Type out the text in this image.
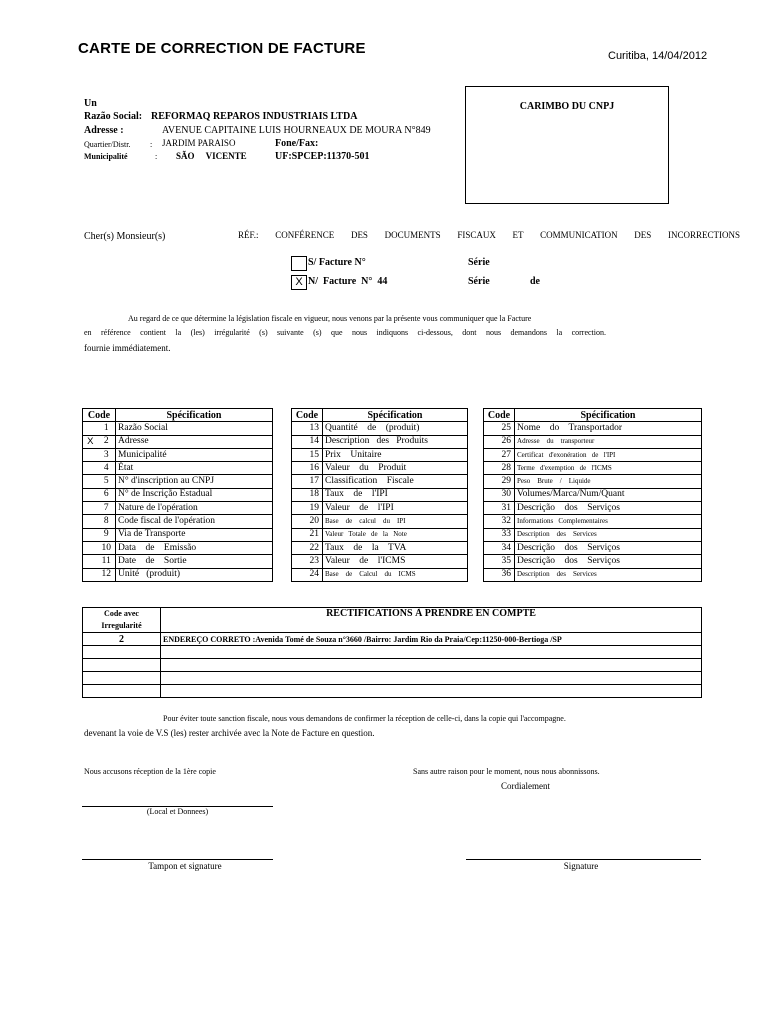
CARTE DE CORRECTION DE FACTURE	Curitiba, 14/04/2012
Un
Razão Social: REFORMAQ REPAROS INDUSTRIAIS LTDA
Adresse :	AVENUE CAPITAINE LUIS HOURNEAUX DE MOURA N°849
Quartier/Distr. : JARDIM PARAISO	Fone/Fax:
Municipalité	: SÃO     VICENTE	UF:SPCEP:11370-501
CARIMBO DU CNPJ
Cher(s) Monsieur(s)	RÉF.:  CONFÉRENCE  DES  DOCUMENTS  FISCAUX  ET  COMMUNICATION  DES  INCORRECTIONS
S/ Facture N°	Série
X N/  Facture  N°  44	Série	de
Au regard de ce que détermine la législation fiscale en vigueur, nous venons par la présente vous communiquer que la Facture
en référence contient la (les) irrégularité (s) suivante (s) que nous indiquons ci-dessous, dont nous demandons la correction.
fournie immédiatement.
Code		Spécification
	1	Razão Social
X	2	Adresse
	3	Municipalité
	4	État
	5	N° d'inscription au CNPJ
	6	N° de Inscrição Estadual
	7	Nature de l'opération
	8	Code fiscal de l'opération
	9	Via de Transporte
	10	Data    de    Emissão
	11	Date    de    Sortie
	12	Unité   (produit)
Code		Spécification
	13	Quantité    de    (produit)
	14	Description   des   Produits
	15	Prix    Unitaire
	16	Valeur    du    Produit
	17	Classification    Fiscale
	18	Taux    de    l'IPI
	19	Valeur    de    l'IPI
	20	Base    de    calcul    du    IPI
	21	Valeur   Totale   de   la   Note
	22	Taux    de    la    TVA
	23	Valeur    de    l'ICMS
	24	Base    de    Calcul    du    ICMS
Code		Spécification
	25	Nome    do    Transportador
	26	Adresse    du    transporteur
	27	Certificat   d'exonération   de   l'IPI
	28	Terme   d'exemption   de   l'ICMS
	29	Peso    Brute    /    Liquide
	30	Volumes/Marca/Num/Quant
	31	Descrição    dos    Serviços
	32	Informations   Complementaires
	33	Description    des    Services
	34	Descrição    dos    Serviços
	35	Descrição    dos    Serviços
	36	Description    des    Services
Code avec
Irregularité	RECTIFICATIONS À PRENDRE EN COMPTE
2	ENDEREÇO CORRETO :Avenida Tomé de Souza n°3660 /Bairro: Jardim Rio da Praia/Cep:11250-000-Bertioga /SP

Pour éviter toute sanction fiscale, nous vous demandons de confirmer la réception de celle-ci, dans la copie qui l'accompagne.
devenant la voie de V.S (les) rester archivée avec la Note de Facture en question.
Nous accusons réception de la 1ère copie	Sans autre raison pour le moment, nous nous abonnissons.
Cordialement
(Local et Donnees)
Tampon et signature	Signature
